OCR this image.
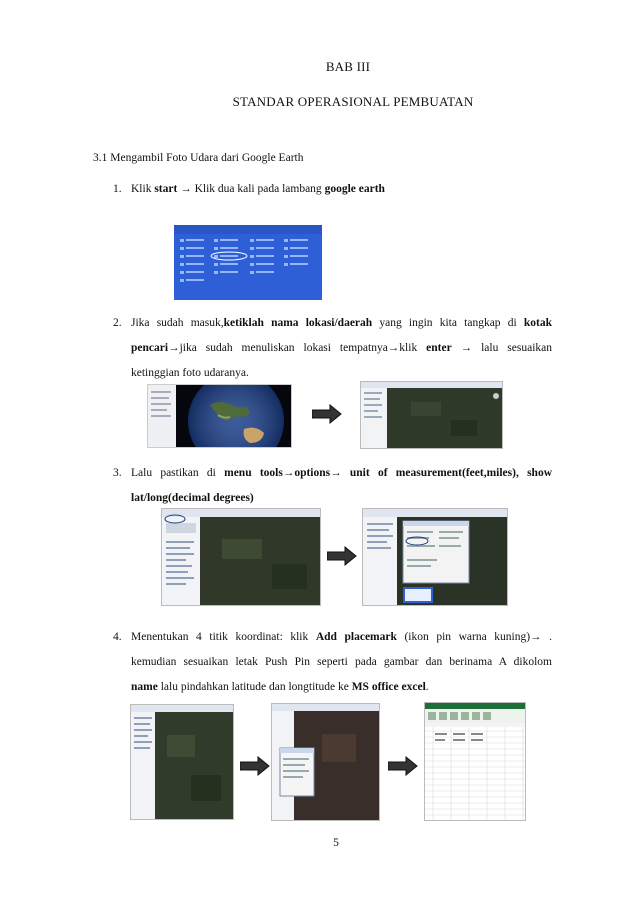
BAB III
STANDAR OPERASIONAL PEMBUATAN
3.1 Mengambil Foto Udara dari Google Earth
1. Klik start → Klik dua kali pada lambang google earth
2. Jika sudah masuk,ketiklah nama lokasi/daerah yang ingin kita tangkap di kotak
pencari→jika sudah menuliskan lokasi tempatnya→klik enter → lalu sesuaikan
ketinggian foto udaranya.
3. Lalu pastikan di menu tools→options→ unit of measurement(feet,miles), show
lat/long(decimal degrees)
4. Menentukan 4 titik koordinat: klik Add placemark (ikon pin warna kuning)→ .
kemudian sesuaikan letak Push Pin seperti pada gambar dan berinama A dikolom
name lalu pindahkan latitude dan longtitude ke MS office excel.
5
